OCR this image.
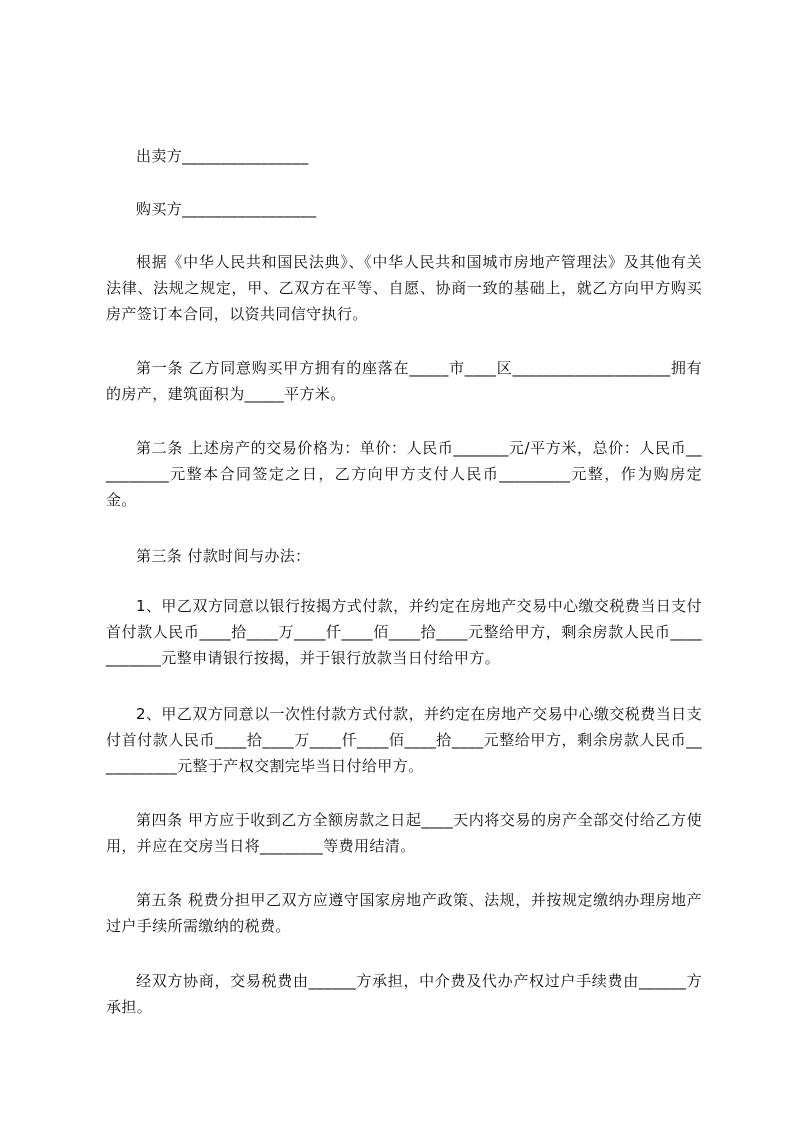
出卖方________________

购买方_________________

根据《中华人民共和国民法典》、《中华人民共和国城市房地产管理法》及其他有关法律、法规之规定，甲、乙双方在平等、自愿、协商一致的基础上，就乙方向甲方购买房产签订本合同，以资共同信守执行。

第一条 乙方同意购买甲方拥有的座落在_____市____区____________________拥有的房产，建筑面积为_____平方米。

第二条 上述房产的交易价格为：单价：人民币_______元/平方米，总价：人民币__________元整本合同签定之日，乙方向甲方支付人民币_________元整，作为购房定金。

第三条 付款时间与办法：

1、甲乙双方同意以银行按揭方式付款，并约定在房地产交易中心缴交税费当日支付首付款人民币____拾____万____仟____佰____拾____元整给甲方，剩余房款人民币___________元整申请银行按揭，并于银行放款当日付给甲方。

2、甲乙双方同意以一次性付款方式付款，并约定在房地产交易中心缴交税费当日支付首付款人民币____拾____万____仟____佰____拾____元整给甲方，剩余房款人民币___________元整于产权交割完毕当日付给甲方。

第四条 甲方应于收到乙方全额房款之日起____天内将交易的房产全部交付给乙方使用，并应在交房当日将________等费用结清。

第五条 税费分担甲乙双方应遵守国家房地产政策、法规，并按规定缴纳办理房地产过户手续所需缴纳的税费。

经双方协商，交易税费由______方承担，中介费及代办产权过户手续费由______方承担。
